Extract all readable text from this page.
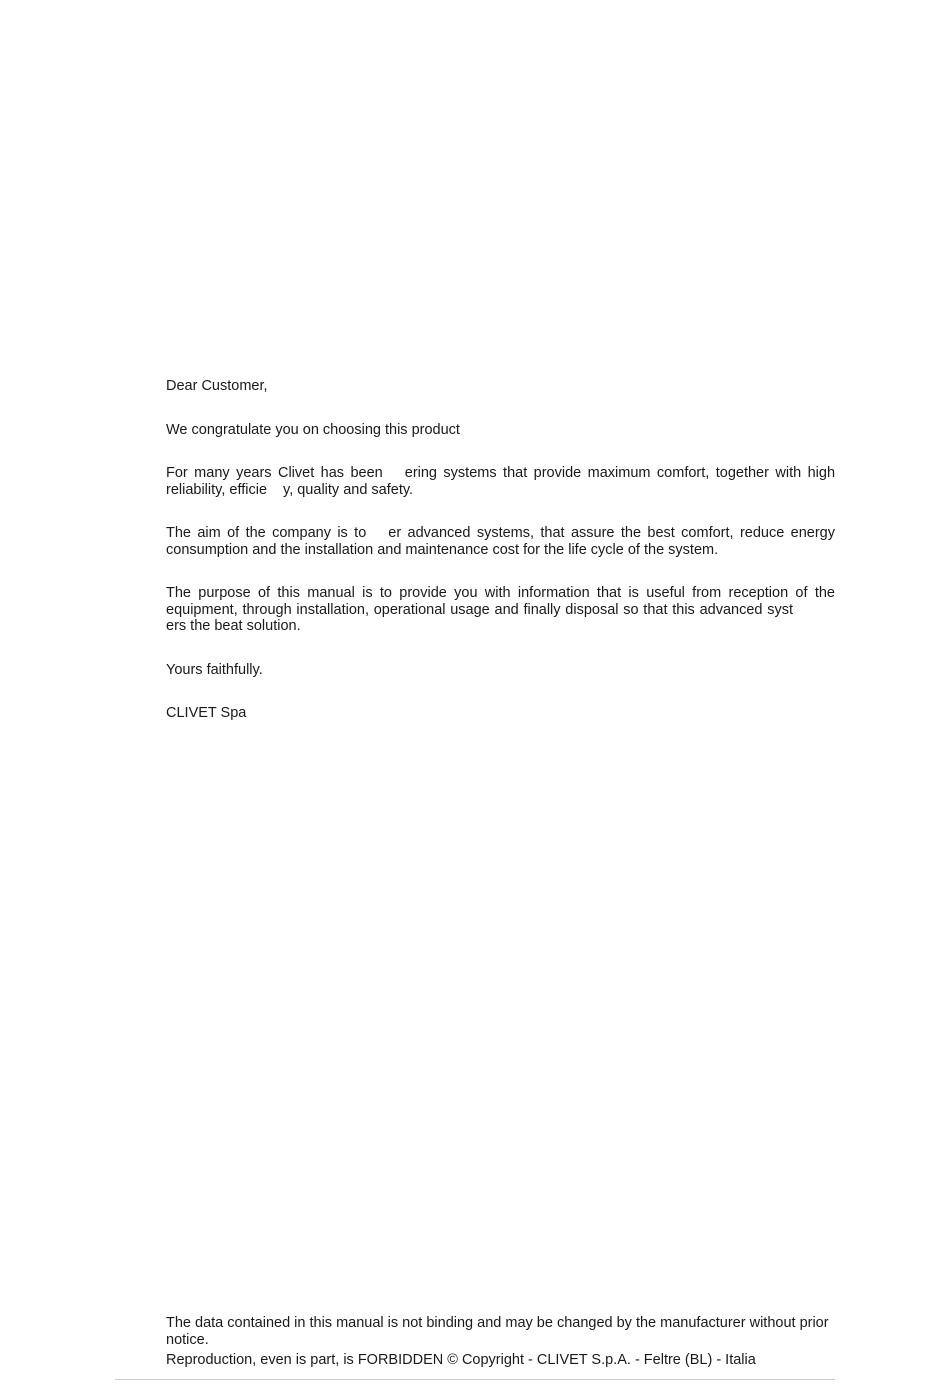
Dear Customer,

We congratulate you on choosing this product

For many years Clivet has been ering systems that provide maximum comfort, together with high reliability, efficie y, quality and safety.

The aim of the company is to er advanced systems, that assure the best comfort, reduce energy consumption and the installation and maintenance cost for the life cycle of the system.

The purpose of this manual is to provide you with information that is useful from reception of the equipment, through installation, operational usage and finally disposal so that this advanced systers the beat solution.

Yours faithfully.

CLIVET Spa

The data contained in this manual is not binding and may be changed by the manufacturer without prior notice.

Reproduction, even is part, is FORBIDDEN © Copyright - CLIVET S.p.A. - Feltre (BL) - Italia
